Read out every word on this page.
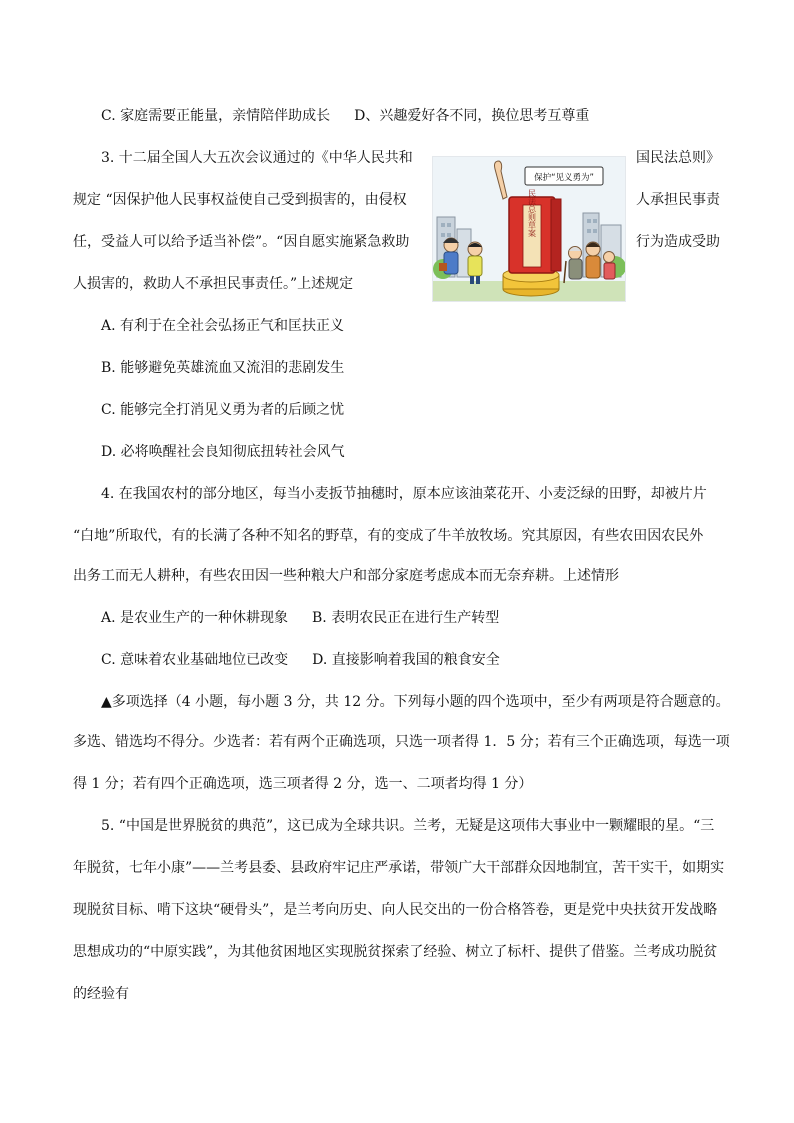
C. 家庭需要正能量，亲情陪伴助成长 D、兴趣爱好各不同，换位思考互尊重
3. 十二届全国人大五次会议通过的《中华人民共和	国民法总则》
规定 “因保护他人民事权益使自己受到损害的，由侵权	人承担民事责
任，受益人可以给予适当补偿”。“因自愿实施紧急救助	行为造成受助
人损害的，救助人不承担民事责任。”上述规定
民法总则草案
保护“见义勇为”
A. 有利于在全社会弘扬正气和匡扶正义
B. 能够避免英雄流血又流泪的悲剧发生
C. 能够完全打消见义勇为者的后顾之忧
D. 必将唤醒社会良知彻底扭转社会风气
4. 在我国农村的部分地区，每当小麦扳节抽穗时，原本应该油菜花开、小麦泛绿的田野，却被片片
“白地”所取代，有的长满了各种不知名的野草，有的变成了牛羊放牧场。究其原因，有些农田因农民外
出务工而无人耕种，有些农田因一些种粮大户和部分家庭考虑成本而无奈弃耕。上述情形
A. 是农业生产的一种休耕现象 B. 表明农民正在进行生产转型
C. 意味着农业基础地位已改变 D. 直接影响着我国的粮食安全
▲多项选择（4 小题，每小题 3 分，共 12 分。下列每小题的四个选项中，至少有两项是符合题意的。
多选、错选均不得分。少选者：若有两个正确选项，只选一项者得 1．5 分；若有三个正确选项，每选一项
得 1 分；若有四个正确选项，选三项者得 2 分，选一、二项者均得 1 分）
5. “中国是世界脱贫的典范”，这已成为全球共识。兰考，无疑是这项伟大事业中一颗耀眼的星。“三
年脱贫，七年小康”——兰考县委、县政府牢记庄严承诺，带领广大干部群众因地制宜，苦干实干，如期实
现脱贫目标、啃下这块“硬骨头”，是兰考向历史、向人民交出的一份合格答卷，更是党中央扶贫开发战略
思想成功的“中原实践”，为其他贫困地区实现脱贫探索了经验、树立了标杆、提供了借鉴。兰考成功脱贫
的经验有
